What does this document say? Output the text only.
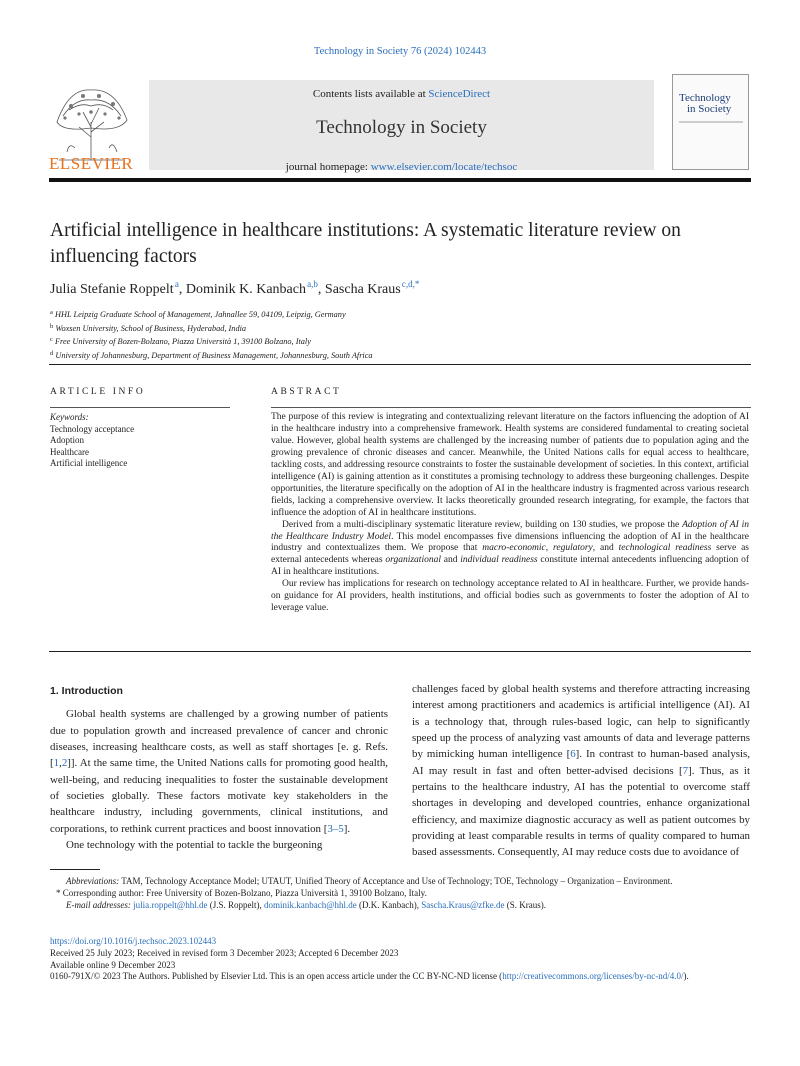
Technology in Society 76 (2024) 102443
ELSEVIER
Contents lists available at ScienceDirect
Technology in Society
journal homepage: www.elsevier.com/locate/techsoc
Technology
in Society
Artificial intelligence in healthcare institutions: A systematic literature review on influencing factors
Julia Stefanie Roppelt $^a$, Dominik K. Kanbach $^{a,b}$, Sascha Kraus $^{c,d,*}$
$^a$ HHL Leipzig Graduate School of Management, Jahnallee 59, 04109, Leipzig, Germany
$^b$ Woxsen University, School of Business, Hyderabad, India
$^c$ Free University of Bozen-Bolzano, Piazza Università 1, 39100 Bolzano, Italy
$^d$ University of Johannesburg, Department of Business Management, Johannesburg, South Africa
ARTICLE INFO	ABSTRACT
Keywords:
Technology acceptance
Adoption
Healthcare
Artificial intelligence

The purpose of this review is integrating and contextualizing relevant literature on the factors influencing the adoption of AI in the healthcare industry into a comprehensive framework. Health systems are considered fundamental to creating societal value. However, global health systems are challenged by the increasing number of patients due to population aging and the growing prevalence of chronic diseases and cancer. Meanwhile, the United Nations calls for equal access to healthcare, tackling costs, and addressing resource constraints to foster the sustainable development of societies. In this context, artificial intelligence (AI) is gaining attention as it constitutes a promising technology to address these burgeoning challenges. Despite opportunities, the literature specifically on the adoption of AI in the healthcare industry is fragmented across various research fields, lacking a comprehensive overview. It lacks theoretically grounded research integrating, for example, the factors that influence the adoption of AI in healthcare institutions.

Derived from a multi-disciplinary systematic literature review, building on 130 studies, we propose the Adoption of AI in the Healthcare Industry Model. This model encompasses five dimensions influencing the adoption of AI in the healthcare industry and contextualizes them. We propose that macro-economic, regulatory, and technological readiness serve as external antecedents whereas organizational and individual readiness constitute internal antecedents influencing adoption of AI in healthcare institutions.

Our review has implications for research on technology acceptance related to AI in healthcare. Further, we provide hands-on guidance for AI providers, health institutions, and official bodies such as governments to foster the adoption of AI to leverage value.

1. Introduction

Global health systems are challenged by a growing number of patients due to population growth and increased prevalence of cancer and chronic diseases, increasing healthcare costs, as well as staff shortages [e. g. Refs. [1,2]]. At the same time, the United Nations calls for promoting good health, well-being, and reducing inequalities to foster the sustainable development of societies globally. These factors motivate key stakeholders in the healthcare industry, including governments, clinical institutions, and corporations, to rethink current practices and boost innovation [3–5].

One technology with the potential to tackle the burgeoning

challenges faced by global health systems and therefore attracting increasing interest among practitioners and academics is artificial intelligence (AI). AI is a technology that, through rules-based logic, can help to significantly speed up the process of analyzing vast amounts of data and leverage patterns by mimicking human intelligence [6]. In contrast to human-based analysis, AI may result in fast and often better-advised decisions [7]. Thus, as it pertains to the healthcare industry, AI has the potential to overcome staff shortages in developing and developed countries, enhance organizational efficiency, and maximize diagnostic accuracy as well as patient outcomes by providing at least comparable results in terms of quality compared to human based assessments. Consequently, AI may reduce costs due to avoidance of

Abbreviations: TAM, Technology Acceptance Model; UTAUT, Unified Theory of Acceptance and Use of Technology; TOE, Technology – Organization – Environment.
* Corresponding author: Free University of Bozen-Bolzano, Piazza Università 1, 39100 Bolzano, Italy.
E-mail addresses: julia.roppelt@hhl.de (J.S. Roppelt), dominik.kanbach@hhl.de (D.K. Kanbach), Sascha.Kraus@zfke.de (S. Kraus).
https://doi.org/10.1016/j.techsoc.2023.102443
Received 25 July 2023; Received in revised form 3 December 2023; Accepted 6 December 2023
Available online 9 December 2023
0160-791X/© 2023 The Authors. Published by Elsevier Ltd. This is an open access article under the CC BY-NC-ND license (http://creativecommons.org/licenses/by-nc-nd/4.0/).
